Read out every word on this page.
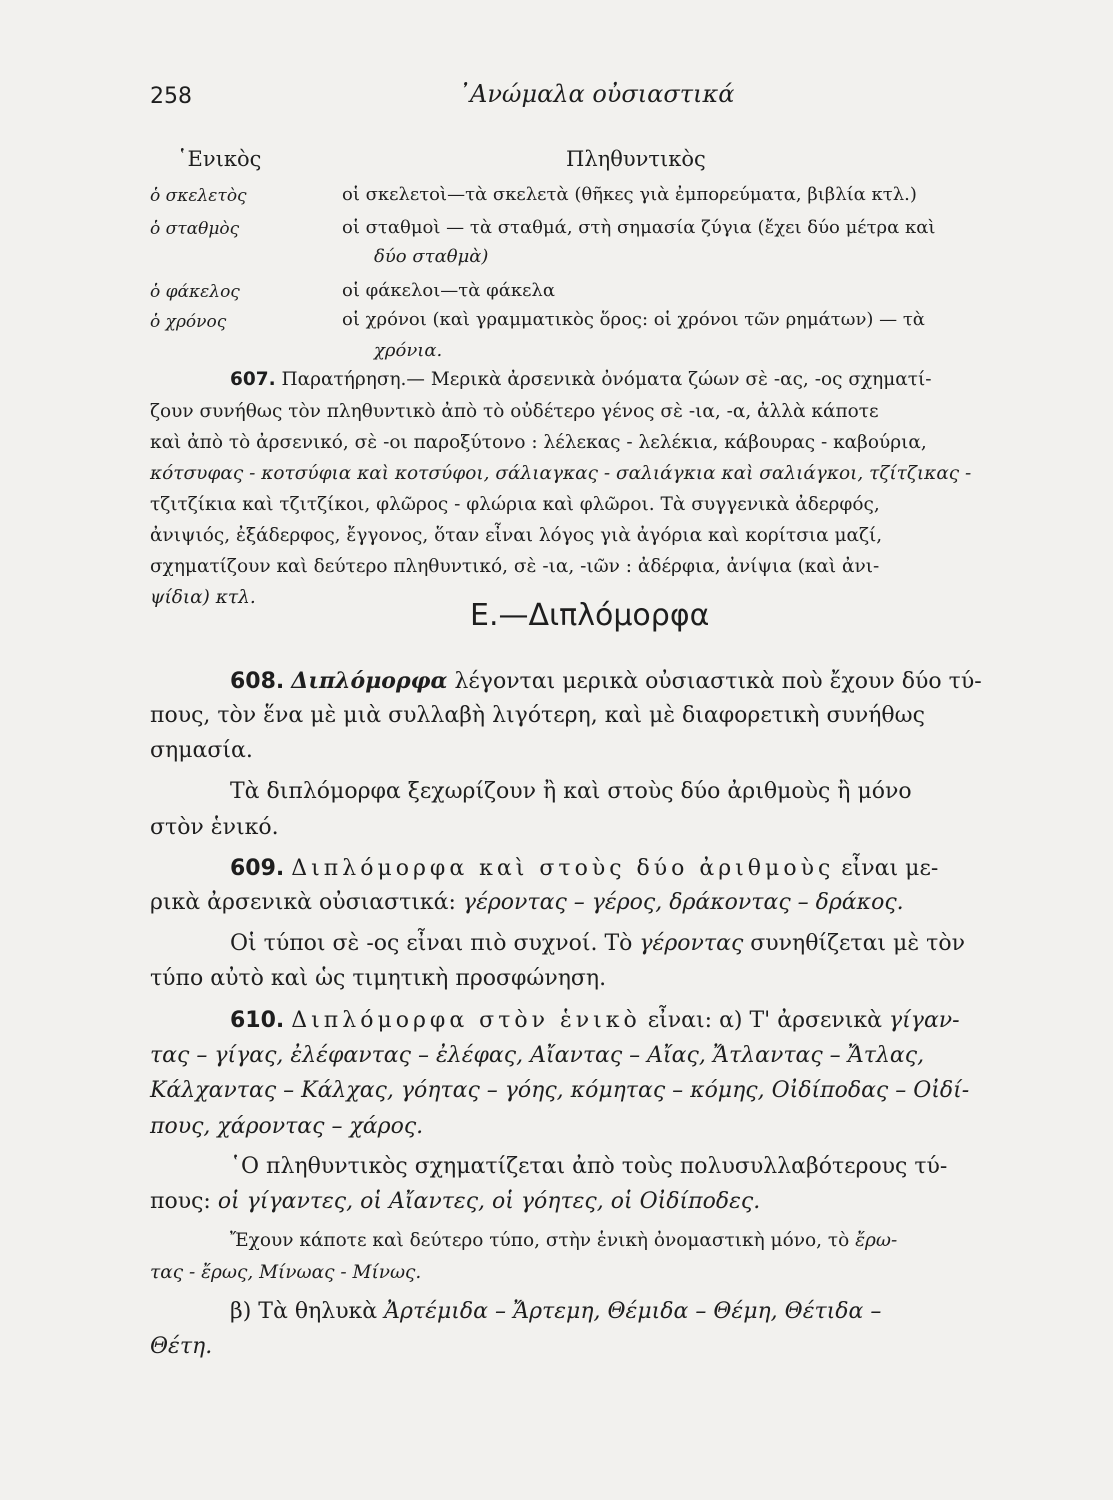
258	᾿Ανώμαλα οὐσιαστικά
῾Ενικὸς	Πληθυντικὸς
ὁ σκελετὸς	οἱ σκελετοὶ—τὰ σκελετὰ (θῆκες γιὰ ἐμπορεύματα, βιβλία κτλ.)
ὁ σταθμὸς	οἱ σταθμοὶ — τὰ σταθμά, στὴ σημασία ζύγια (ἔχει δύο μέτρα καὶ
δύο σταθμὰ)
ὁ φάκελος	οἱ φάκελοι—τὰ φάκελα
ὁ χρόνος	οἱ χρόνοι (καὶ γραμματικὸς ὅρος: οἱ χρόνοι τῶν ρημάτων) — τὰ
χρόνια.
607. Παρατήρηση.— Μερικὰ ἀρσενικὰ ὀνόματα ζώων σὲ -ας, -ος σχηματί-
ζουν συνήθως τὸν πληθυντικὸ ἀπὸ τὸ οὐδέτερο γένος σὲ -ια, -α, ἀλλὰ κάποτε
καὶ ἀπὸ τὸ ἀρσενικό, σὲ -οι παροξύτονο : λέλεκας - λελέκια, κάβουρας - καβούρια,
κότσυφας - κοτσύφια καὶ κοτσύφοι, σάλιαγκας - σαλιάγκια καὶ σαλιάγκοι, τζίτζικας -
τζιτζίκια καὶ τζιτζίκοι, φλῶρος - φλώρια καὶ φλῶροι. Τὰ συγγενικὰ ἀδερφός,
ἀνιψιός, ἐξάδερφος, ἔγγονος, ὅταν εἶναι λόγος γιὰ ἀγόρια καὶ κορίτσια μαζί,
σχηματίζουν καὶ δεύτερο πληθυντικό, σὲ -ια, -ιῶν : ἀδέρφια, ἀνίψια (καὶ ἀνι-
ψίδια) κτλ.
Ε.—Διπλόμορφα
608. Διπλόμορφα λέγονται μερικὰ οὐσιαστικὰ ποὺ ἔχουν δύο τύ-
πους, τὸν ἕνα μὲ μιὰ συλλαβὴ λιγότερη, καὶ μὲ διαφορετικὴ συνήθως
σημασία.
Τὰ διπλόμορφα ξεχωρίζουν ἢ καὶ στοὺς δύο ἀριθμοὺς ἢ μόνο
στὸν ἑνικό.
609. Διπλόμορφα καὶ στοὺς δύο ἀριθμοὺς εἶναι με-
ρικὰ ἀρσενικὰ οὐσιαστικά: γέροντας – γέρος, δράκοντας – δράκος.
Οἱ τύποι σὲ -ος εἶναι πιὸ συχνοί. Τὸ γέροντας συνηθίζεται μὲ τὸν
τύπο αὐτὸ καὶ ὡς τιμητικὴ προσφώνηση.
610. Διπλόμορφα στὸν ἑνικὸ εἶναι: α) Τ' ἀρσενικὰ γίγαν-
τας – γίγας, ἐλέφαντας – ἐλέφας, Αἴαντας – Αἴας, Ἄτλαντας – Ἄτλας,
Κάλχαντας – Κάλχας, γόητας – γόης, κόμητας – κόμης, Οἰδίποδας – Οἰδί-
πους, χάροντας – χάρος.
῾Ο πληθυντικὸς σχηματίζεται ἀπὸ τοὺς πολυσυλλαβότερους τύ-
πους: οἱ γίγαντες, οἱ Αἴαντες, οἱ γόητες, οἱ Οἰδίποδες.
Ἔχουν κάποτε καὶ δεύτερο τύπο, στὴν ἑνικὴ ὀνομαστικὴ μόνο, τὸ ἔρω-
τας - ἔρως, Μίνωας - Μίνως.
β) Τὰ θηλυκὰ Ἀρτέμιδα – Ἄρτεμη, Θέμιδα – Θέμη, Θέτιδα –
Θέτη.
